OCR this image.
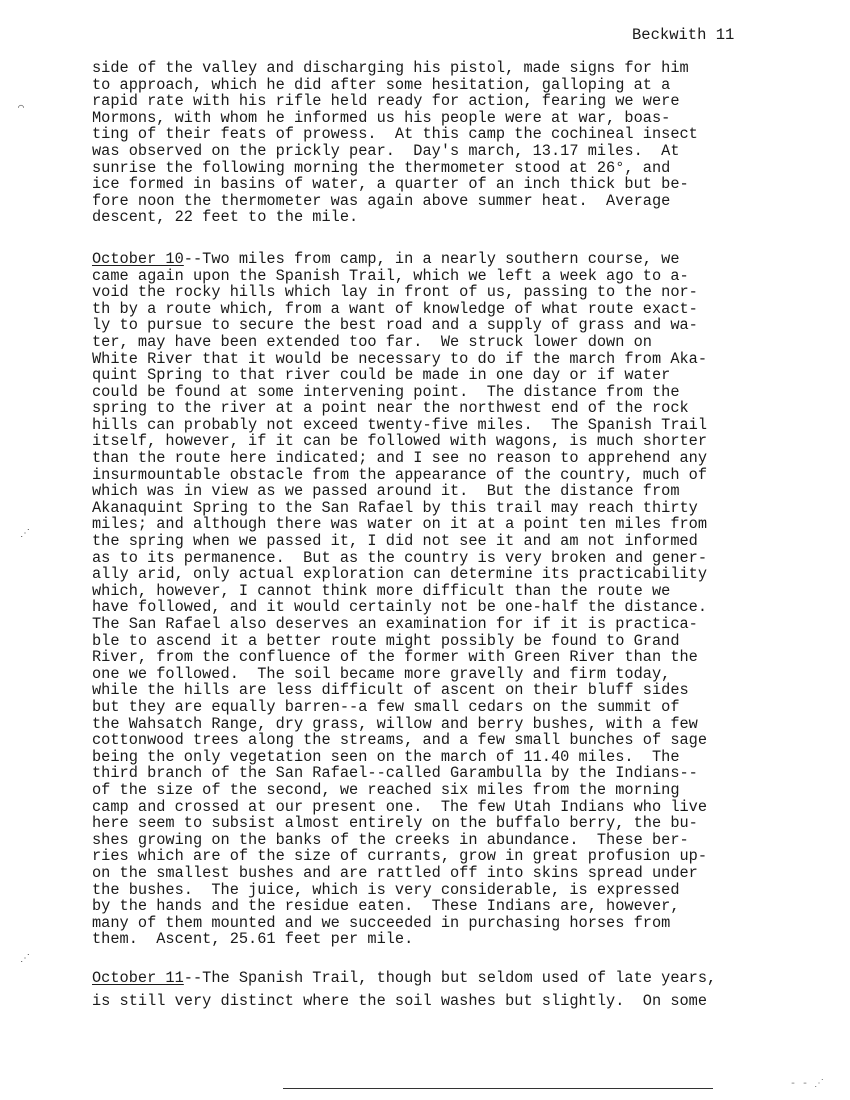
Beckwith 11
⌒
⋰
⋰
side of the valley and discharging his pistol, made signs for him
to approach, which he did after some hesitation, galloping at a
rapid rate with his rifle held ready for action, fearing we were
Mormons, with whom he informed us his people were at war, boas-
ting of their feats of prowess.  At this camp the cochineal insect
was observed on the prickly pear.  Day's march, 13.17 miles.  At
sunrise the following morning the thermometer stood at 26°, and
ice formed in basins of water, a quarter of an inch thick but be-
fore noon the thermometer was again above summer heat.  Average
descent, 22 feet to the mile.
October 10--Two miles from camp, in a nearly southern course, we
came again upon the Spanish Trail, which we left a week ago to a-
void the rocky hills which lay in front of us, passing to the nor-
th by a route which, from a want of knowledge of what route exact-
ly to pursue to secure the best road and a supply of grass and wa-
ter, may have been extended too far.  We struck lower down on
White River that it would be necessary to do if the march from Aka-
quint Spring to that river could be made in one day or if water
could be found at some intervening point.  The distance from the
spring to the river at a point near the northwest end of the rock
hills can probably not exceed twenty-five miles.  The Spanish Trail
itself, however, if it can be followed with wagons, is much shorter
than the route here indicated; and I see no reason to apprehend any
insurmountable obstacle from the appearance of the country, much of
which was in view as we passed around it.  But the distance from
Akanaquint Spring to the San Rafael by this trail may reach thirty
miles; and although there was water on it at a point ten miles from
the spring when we passed it, I did not see it and am not informed
as to its permanence.  But as the country is very broken and gener-
ally arid, only actual exploration can determine its practicability
which, however, I cannot think more difficult than the route we
have followed, and it would certainly not be one-half the distance.
The San Rafael also deserves an examination for if it is practica-
ble to ascend it a better route might possibly be found to Grand
River, from the confluence of the former with Green River than the
one we followed.  The soil became more gravelly and firm today,
while the hills are less difficult of ascent on their bluff sides
but they are equally barren--a few small cedars on the summit of
the Wahsatch Range, dry grass, willow and berry bushes, with a few
cottonwood trees along the streams, and a few small bunches of sage
being the only vegetation seen on the march of 11.40 miles.  The
third branch of the San Rafael--called Garambulla by the Indians--
of the size of the second, we reached six miles from the morning
camp and crossed at our present one.  The few Utah Indians who live
here seem to subsist almost entirely on the buffalo berry, the bu-
shes growing on the banks of the creeks in abundance.  These ber-
ries which are of the size of currants, grow in great profusion up-
on the smallest bushes and are rattled off into skins spread under
the bushes.  The juice, which is very considerable, is expressed
by the hands and the residue eaten.  These Indians are, however,
many of them mounted and we succeeded in purchasing horses from
them.  Ascent, 25.61 feet per mile.
October 11--The Spanish Trail, though but seldom used of late years,
is still very distinct where the soil washes but slightly.  On some
‑ ‑ ⋰
